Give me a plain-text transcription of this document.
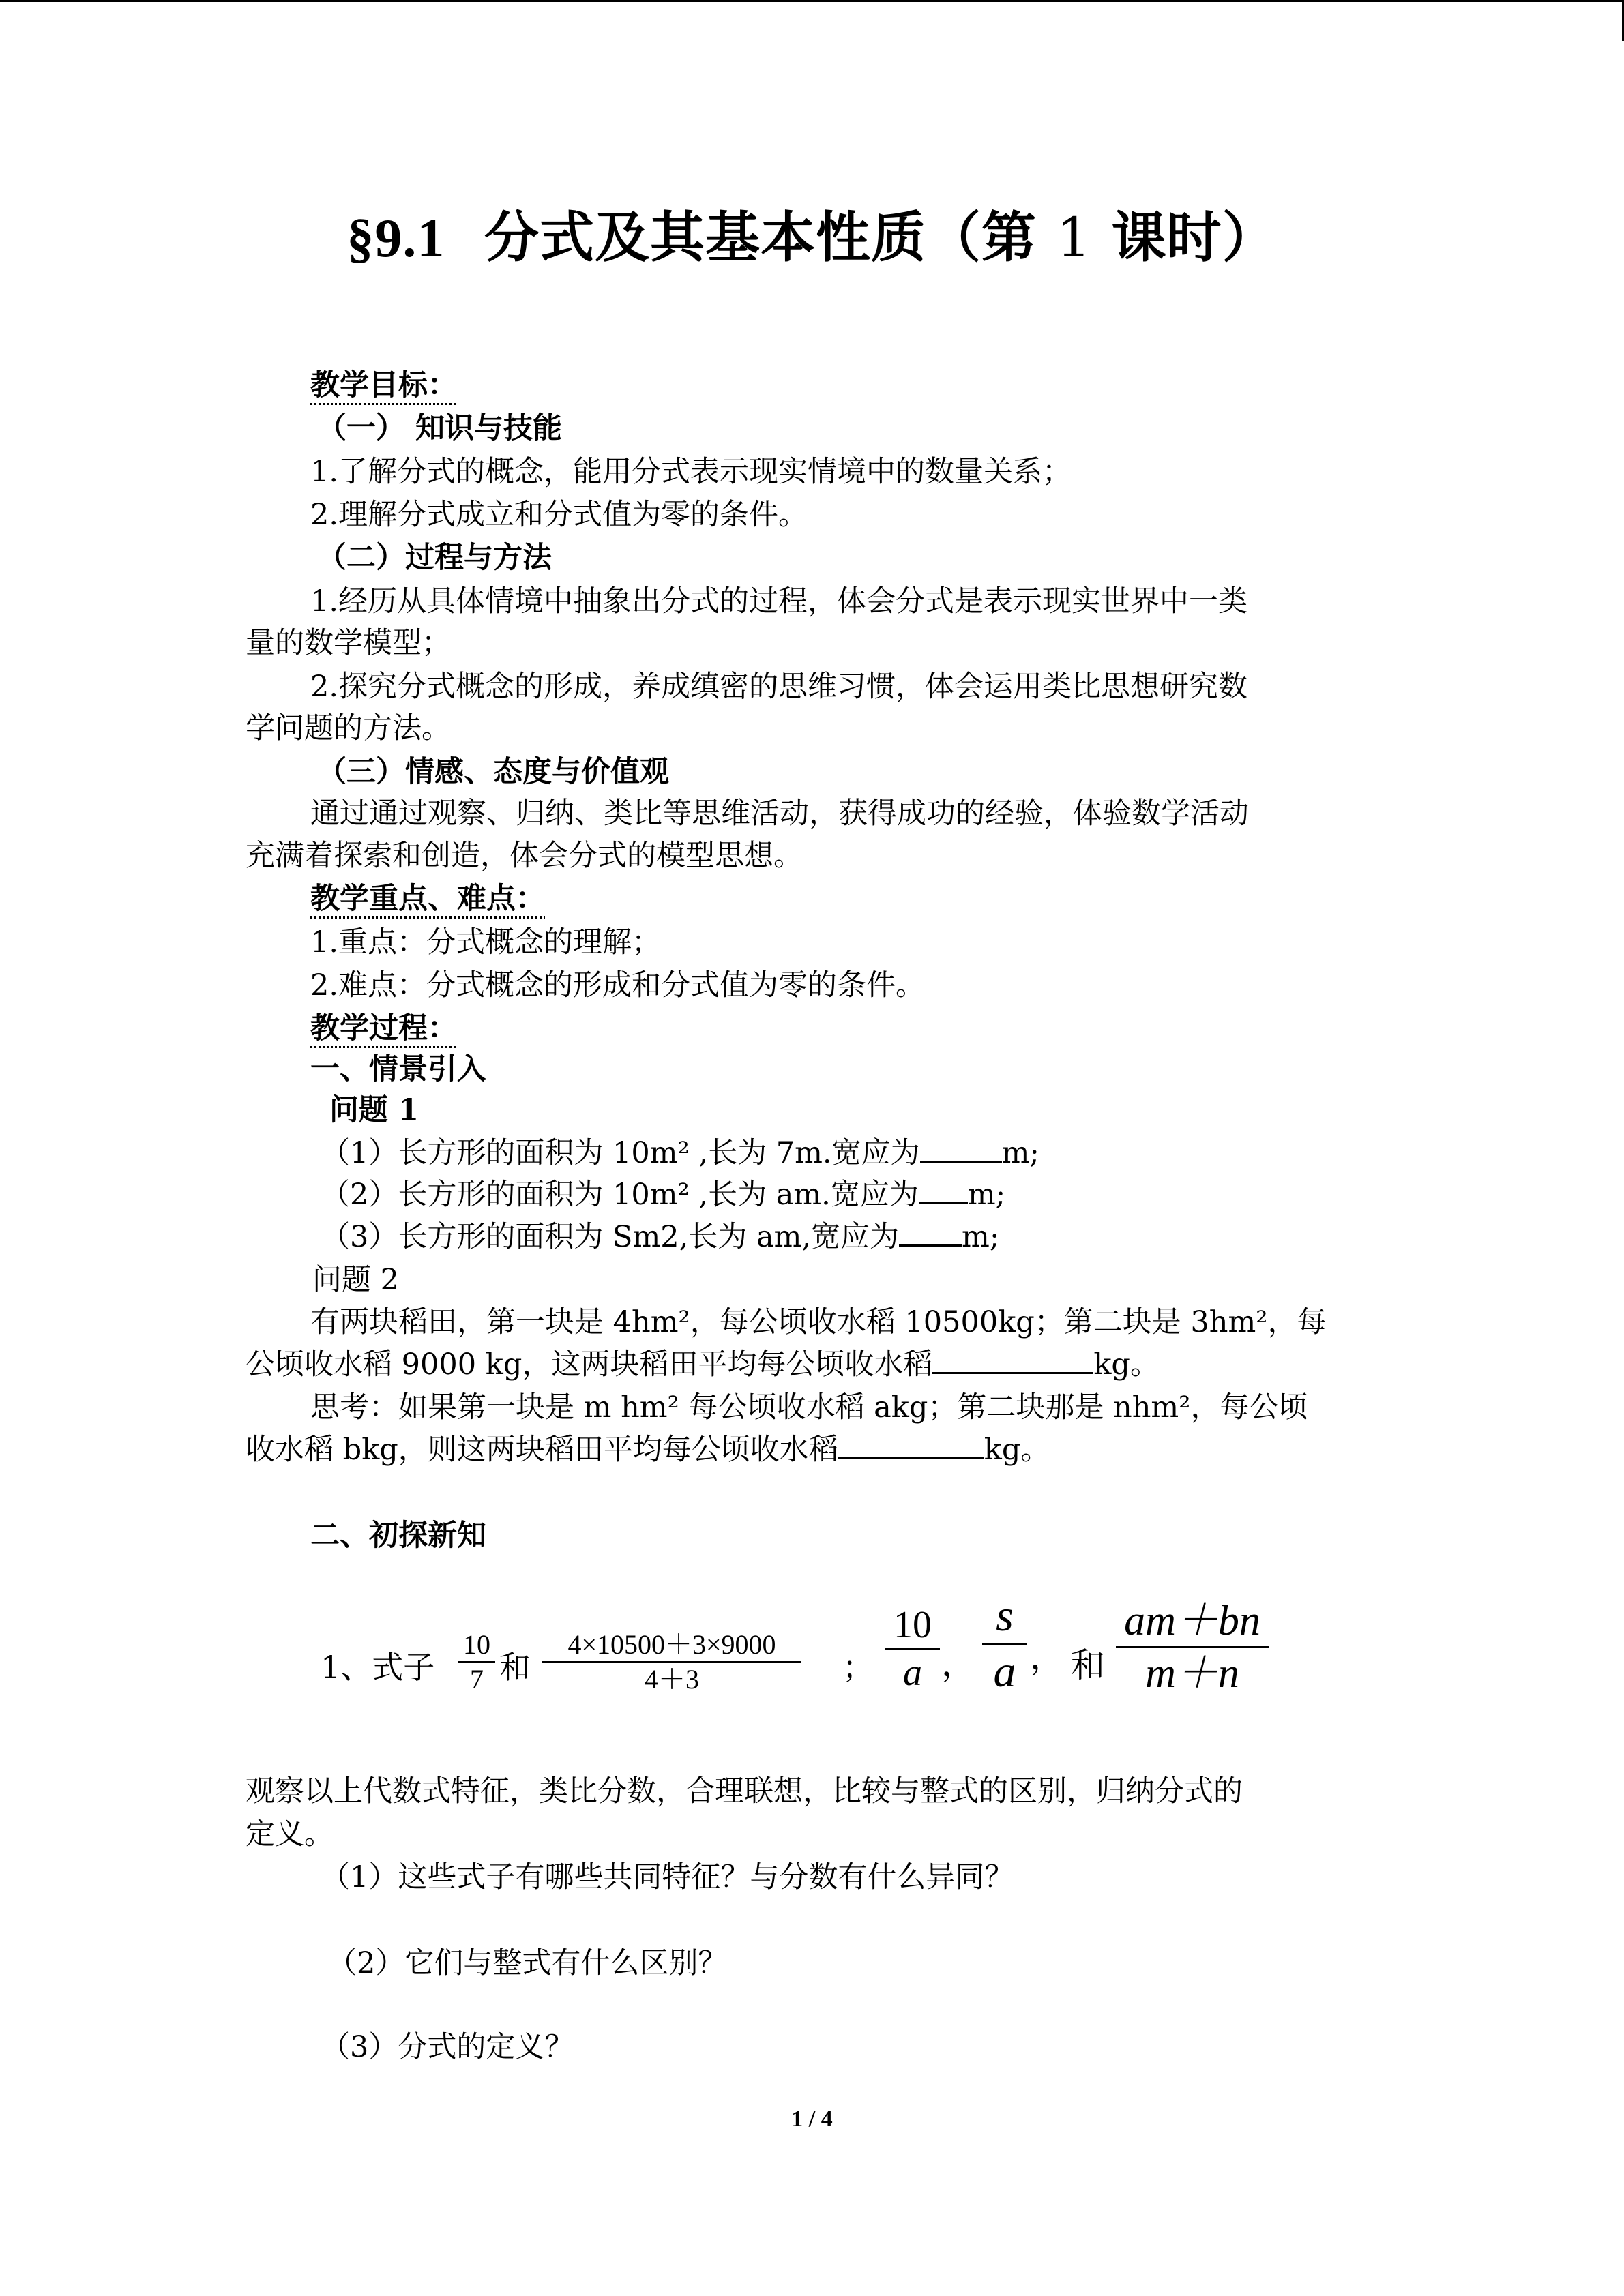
§9.1 分式及其基本性质（第 1 课时）
教学目标：
（一） 知识与技能
1.了解分式的概念，能用分式表示现实情境中的数量关系；
2.理解分式成立和分式值为零的条件。
（二）过程与方法
1.经历从具体情境中抽象出分式的过程，体会分式是表示现实世界中一类
量的数学模型；
2.探究分式概念的形成，养成缜密的思维习惯，体会运用类比思想研究数
学问题的方法。
（三）情感、态度与价值观
通过通过观察、归纳、类比等思维活动，获得成功的经验，体验数学活动
充满着探索和创造，体会分式的模型思想。
教学重点、难点：
1.重点：分式概念的理解；
2.难点：分式概念的形成和分式值为零的条件。
教学过程：
一、情景引入
问题 1
（1）长方形的面积为 10m² ,长为 7m.宽应为	m;
（2）长方形的面积为 10m² ,长为 am.宽应为 m;
（3）长方形的面积为 Sm2,长为 am,宽应为 m;
问题 2
有两块稻田，第一块是 4hm²，每公顷收水稻 10500kg；第二块是 3hm²，每
公顷收水稻 9000 kg，这两块稻田平均每公顷收水稻	kg。
思考：如果第一块是 m hm² 每公顷收水稻 akg；第二块那是 nhm²，每公顷
收水稻 bkg，则这两块稻田平均每公顷收水稻	kg。
二、初探新知
1、式子
10
7 和
4×10500＋3×9000
4＋3	；
10
a ，
s
a ， 和
am＋bn
m＋n
观察以上代数式特征，类比分数，合理联想，比较与整式的区别，归纳分式的
定义。
（1）这些式子有哪些共同特征？与分数有什么异同？
（2）它们与整式有什么区别？
（3）分式的定义？
1 / 4
